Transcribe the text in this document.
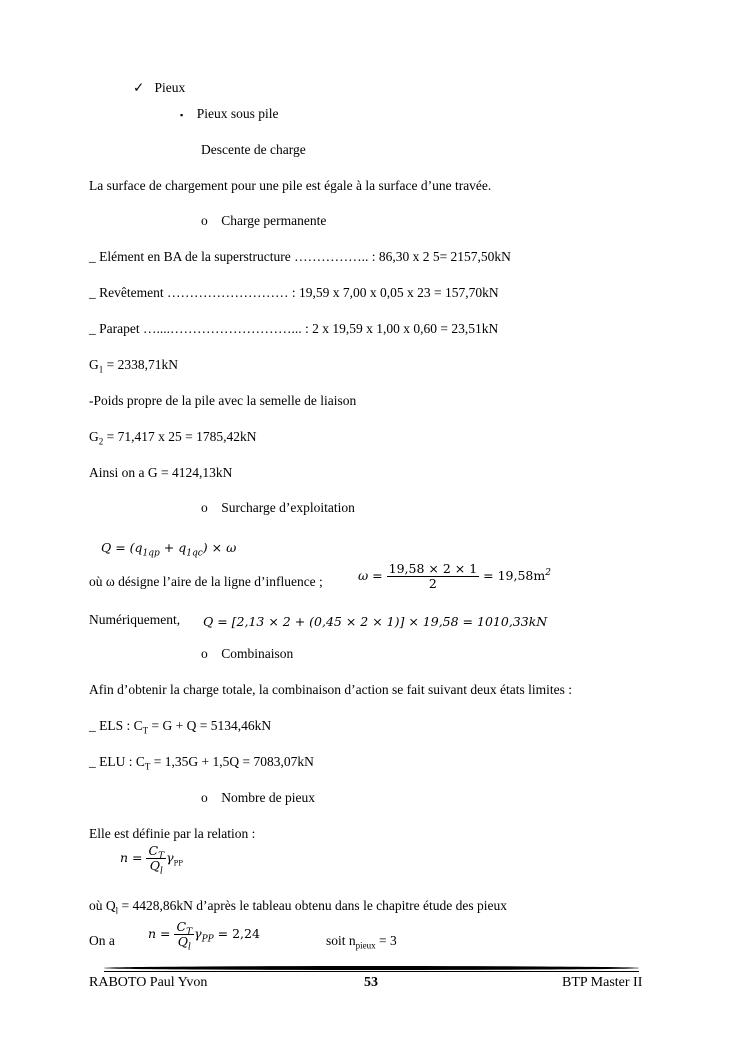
✓ Pieux
▪ Pieux sous pile
Descente de charge
La surface de chargement pour une pile est égale à la surface d’une travée.
o Charge permanente
_ Elément en BA de la superstructure …………….. : 86,30 x 2 5= 2157,50kN
_ Revêtement ……………………… : 19,59 x 7,00 x 0,05 x 23 = 157,70kN
_ Parapet …....………………………... : 2 x 19,59 x 1,00 x 0,60 = 23,51kN
$G_1 = 2338,71kN$
-Poids propre de la pile avec la semelle de liaison
$G_2 = 71,417$ x 25 = 1785,42kN
Ainsi on a G = 4124,13kN
o Surcharge d’exploitation
$Q = (q_{1qp} + q_{1qc}) \times \omega$
où ω désigne l’aire de la ligne d’influence ;	$\omega = \frac{19,58 \times 2 \times 1}{2} = 19,58m^2$
Numériquement, Q = [2,13 × 2 + (0,45 × 2 × 1)] × 19,58 = 1010,33kN
o Combinaison
Afin d’obtenir la charge totale, la combinaison d’action se fait suivant deux états limites :
_ ELS : $C_T = G + Q = 5134,46kN$
_ ELU : $C_T = 1,35G + 1,5Q = 7083,07kN$
o Nombre de pieux
Elle est définie par la relation :
$n = \frac{C_T}{Q_l} \gamma_{PP}$
où $Q_l = 4428,86kN$ d’après le tableau obtenu dans le chapitre étude des pieux
On a	$n = \frac{C_T}{Q_l} \gamma_{PP} = 2,24$	soit $n_{pieux} = 3$
RABOTO Paul Yvon	53	BTP Master II
